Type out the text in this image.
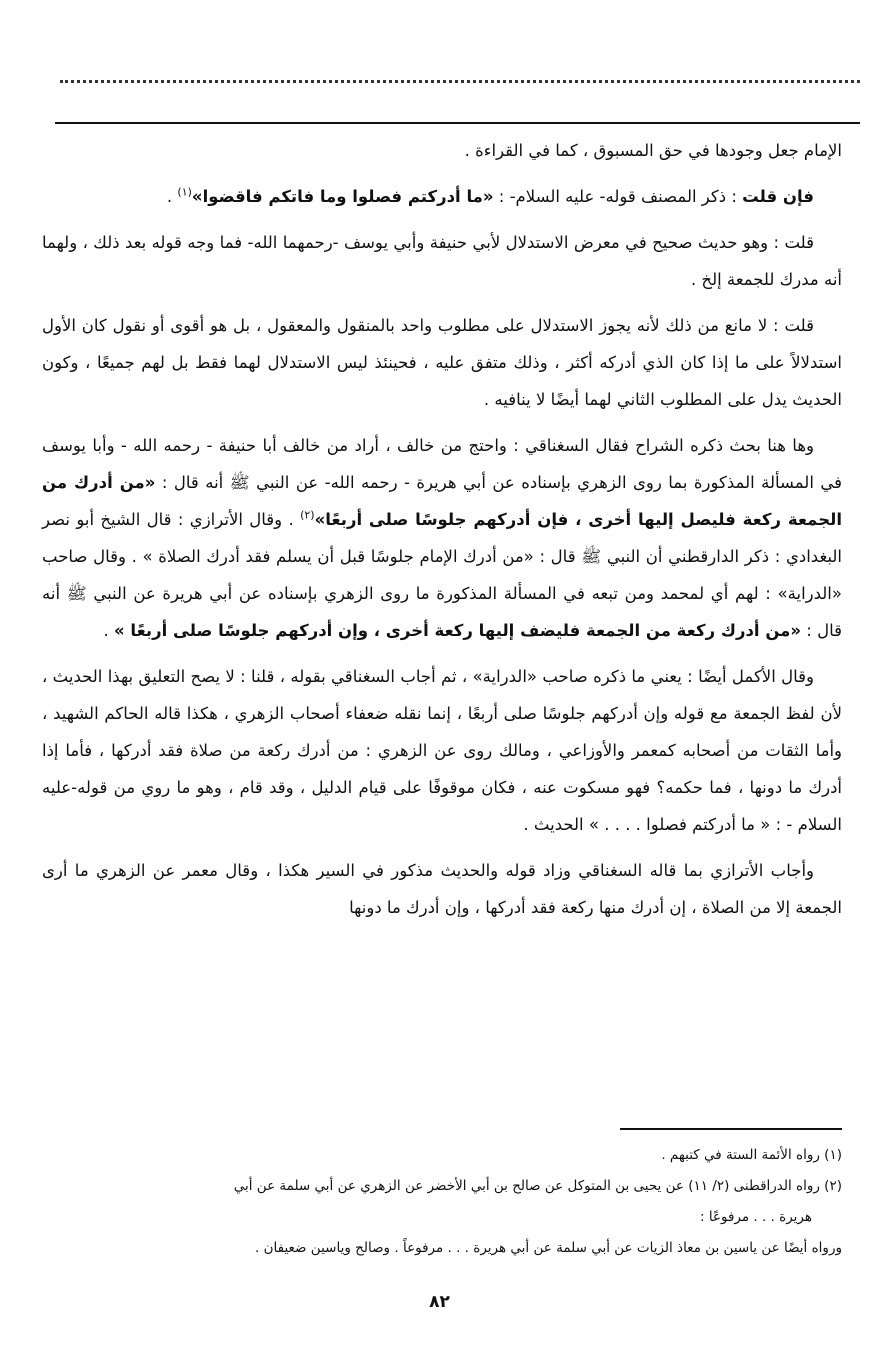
الإمام جعل وجودها في حق المسبوق ، كما في القراءة .

فإن قلت : ذكر المصنف قوله- عليه السلام- : «ما أدركتم فصلوا وما فاتكم فاقضوا»$^{(١)}$ .

قلت : وهو حديث صحيح في معرض الاستدلال لأبي حنيفة وأبي يوسف -رحمهما الله- فما وجه قوله بعد ذلك ، ولهما أنه مدرك للجمعة إلخ .

قلت : لا مانع من ذلك لأنه يجوز الاستدلال على مطلوب واحد بالمنقول والمعقول ، بل هو أقوى أو نقول كان الأول استدلالاً على ما إذا كان الذي أدركه أكثر ، وذلك متفق عليه ، فحينئذ ليس الاستدلال لهما فقط بل لهم جميعًا ، وكون الحديث يدل على المطلوب الثاني لهما أيضًا لا ينافيه .

وها هنا بحث ذكره الشراح فقال السغناقي : واحتج من خالف ، أراد من خالف أبا حنيفة - رحمه الله - وأبا يوسف في المسألة المذكورة بما روى الزهري بإسناده عن أبي هريرة - رحمه الله- عن النبي ﷺ أنه قال : «من أدرك من الجمعة ركعة فليصل إليها أخرى ، فإن أدركهم جلوسًا صلى أربعًا»$^{(٢)}$ . وقال الأترازي : قال الشيخ أبو نصر البغدادي : ذكر الدارقطني أن النبي ﷺ قال : «من أدرك الإمام جلوسًا قبل أن يسلم فقد أدرك الصلاة » . وقال صاحب «الدراية» : لهم أي لمحمد ومن تبعه في المسألة المذكورة ما روى الزهري بإسناده عن أبي هريرة عن النبي ﷺ أنه قال : «من أدرك ركعة من الجمعة فليضف إليها ركعة أخرى ، وإن أدركهم جلوسًا صلى أربعًا » .

وقال الأكمل أيضًا : يعني ما ذكره صاحب «الدراية» ، ثم أجاب السغناقي بقوله ، قلنا : لا يصح التعليق بهذا الحديث ، لأن لفظ الجمعة مع قوله وإن أدركهم جلوسًا صلى أربعًا ، إنما نقله ضعفاء أصحاب الزهري ، هكذا قاله الحاكم الشهيد ، وأما الثقات من أصحابه كمعمر والأوزاعي ، ومالك روى عن الزهري : من أدرك ركعة من صلاة فقد أدركها ، فأما إذا أدرك ما دونها ، فما حكمه؟ فهو مسكوت عنه ، فكان موقوفًا على قيام الدليل ، وقد قام ، وهو ما روي من قوله-عليه السلام - : « ما أدركتم فصلوا . . . . » الحديث .

وأجاب الأترازي بما قاله السغناقي وزاد قوله والحديث مذكور في السير هكذا ، وقال معمر عن الزهري ما أرى الجمعة إلا من الصلاة ، إن أدرك منها ركعة فقد أدركها ، وإن أدرك ما دونها

(١) رواه الأئمة الستة في كتبهم .
(٢) رواه الدراقطنى (٢/ ١١) عن يحيى بن المتوكل عن صالح بن أبي الأخضر عن الزهري عن أبي سلمة عن أبي
هريرة . . . مرفوعًا :
ورواه أيضًا عن ياسين بن معاذ الزيات عن أبي سلمة عن أبي هريرة . . . مرفوعاً . وصالح وياسين ضعيفان .
٨٢
